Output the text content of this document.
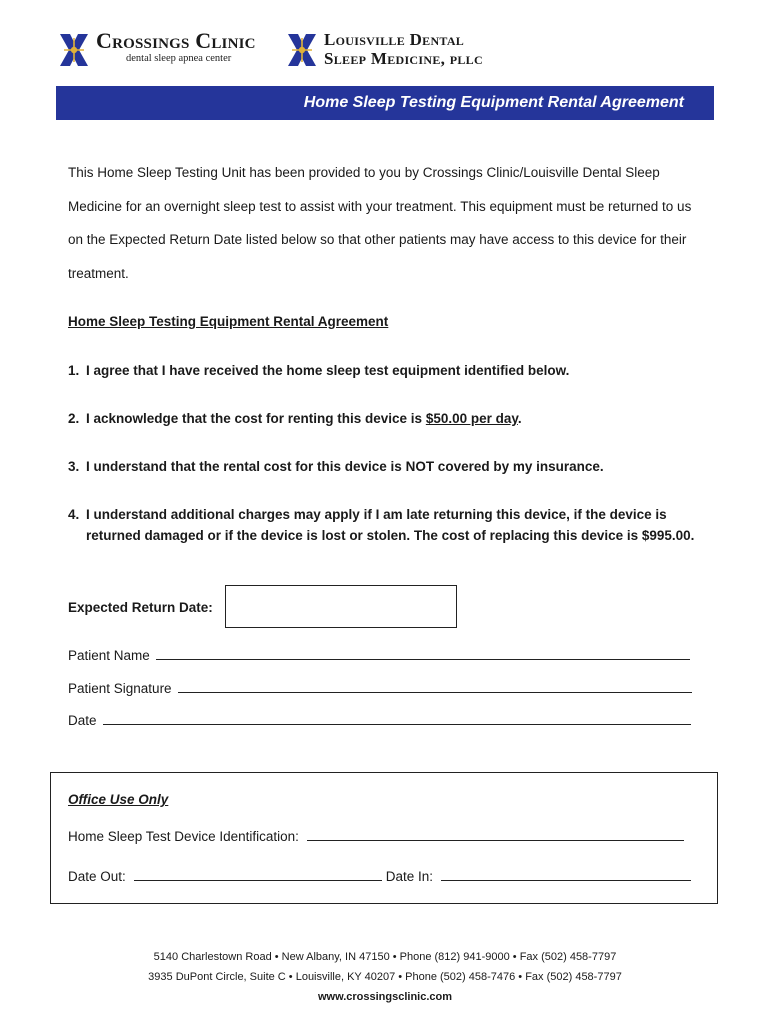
Crossings Clinic
dental sleep apnea center
Louisville Dental
Sleep Medicine, pllc
Home Sleep Testing Equipment Rental Agreement
This Home Sleep Testing Unit has been provided to you by Crossings Clinic/Louisville Dental Sleep Medicine for an overnight sleep test to assist with your treatment. This equipment must be returned to us on the Expected Return Date listed below so that other patients may have access to this device for their treatment.
Home Sleep Testing Equipment Rental Agreement
1. I agree that I have received the home sleep test equipment identified below.
2. I acknowledge that the cost for renting this device is $50.00 per day.
3. I understand that the rental cost for this device is NOT covered by my insurance.
4. I understand additional charges may apply if I am late returning this device, if the device is returned damaged or if the device is lost or stolen. The cost of replacing this device is $995.00.
Expected Return Date:
Patient Name
Patient Signature
Date
Office Use Only
Home Sleep Test Device Identification:
Date Out:	Date In:
5140 Charlestown Road • New Albany, IN 47150 • Phone (812) 941-9000 • Fax (502) 458-7797
3935 DuPont Circle, Suite C • Louisville, KY 40207 • Phone (502) 458-7476 • Fax (502) 458-7797
www.crossingsclinic.com
